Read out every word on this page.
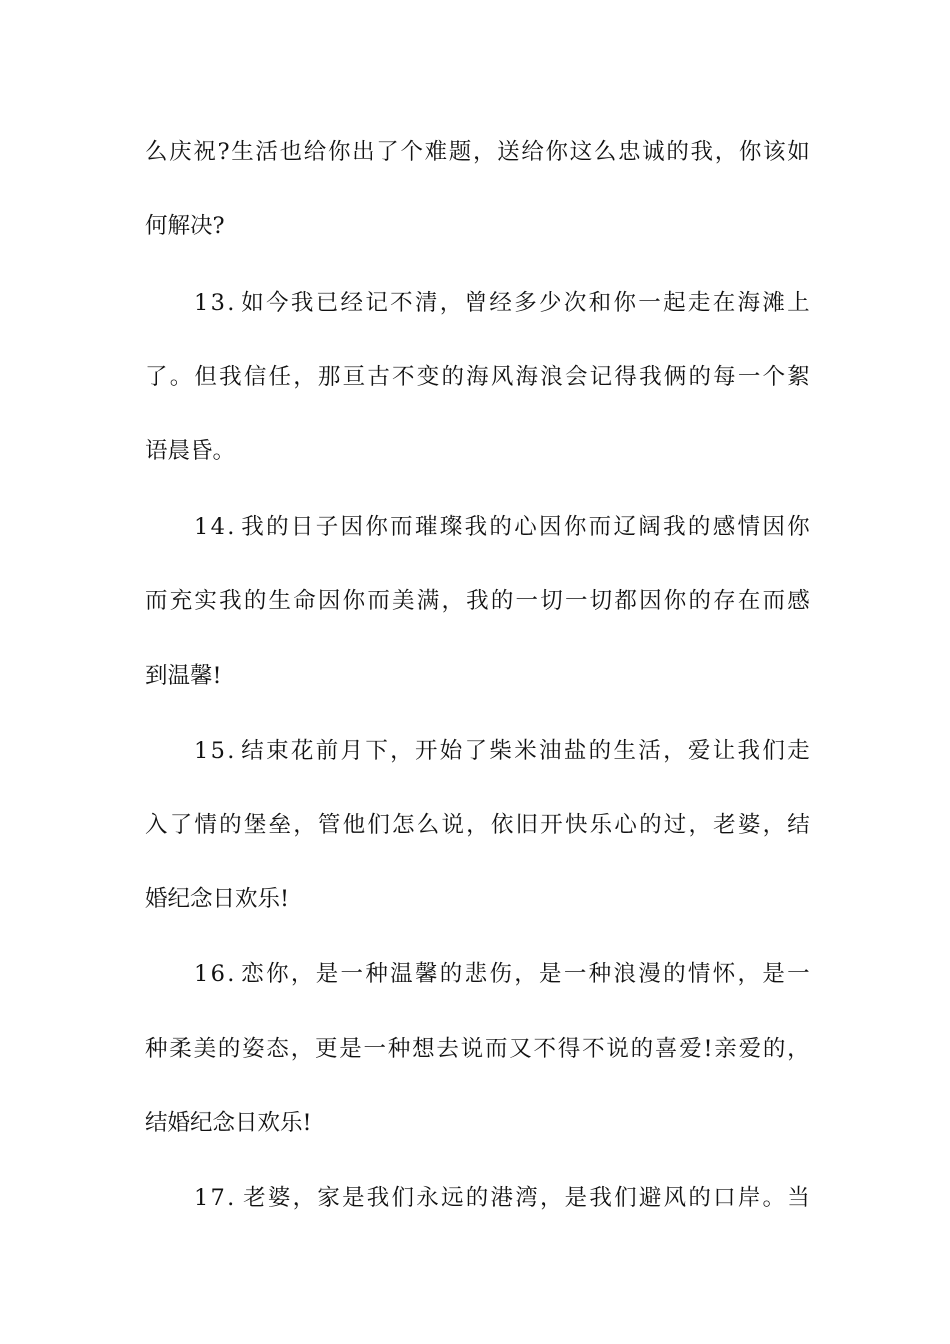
么 庆 祝 ? 生 活 也 给 你 出 了 个 难 题 ， 送 给 你 这 么 忠 诚 的 我 ， 你 该 如
何解决?
1 3 . 如 今 我 已 经 记 不 清 ， 曾 经 多 少 次 和 你 一 起 走 在 海 滩 上
了 。 但 我 信 任 ， 那 亘 古 不 变 的 海 风 海 浪 会 记 得 我 俩 的 每 一 个 絮
语晨昏。
1 4 . 我 的 日 子 因 你 而 璀 璨 我 的 心 因 你 而 辽 阔 我 的 感 情 因 你
而 充 实 我 的 生 命 因 你 而 美 满 ， 我 的 一 切 一 切 都 因 你 的 存 在 而 感
到温馨!
1 5 . 结 束 花 前 月 下 ， 开 始 了 柴 米 油 盐 的 生 活 ， 爱 让 我 们 走
入 了 情 的 堡 垒 ， 管 他 们 怎 么 说 ， 依 旧 开 快 乐 心 的 过 ， 老 婆 ， 结
婚纪念日欢乐!
1 6 . 恋 你 ， 是 一 种 温 馨 的 悲 伤 ， 是 一 种 浪 漫 的 情 怀 ， 是 一
种 柔 美 的 姿 态 ， 更 是 一 种 想 去 说 而 又 不 得 不 说 的 喜 爱 ! 亲 爱 的 ，
结婚纪念日欢乐!
1 7 . 老 婆 ， 家 是 我 们 永 远 的 港 湾 ， 是 我 们 避 风 的 口 岸 。 当
